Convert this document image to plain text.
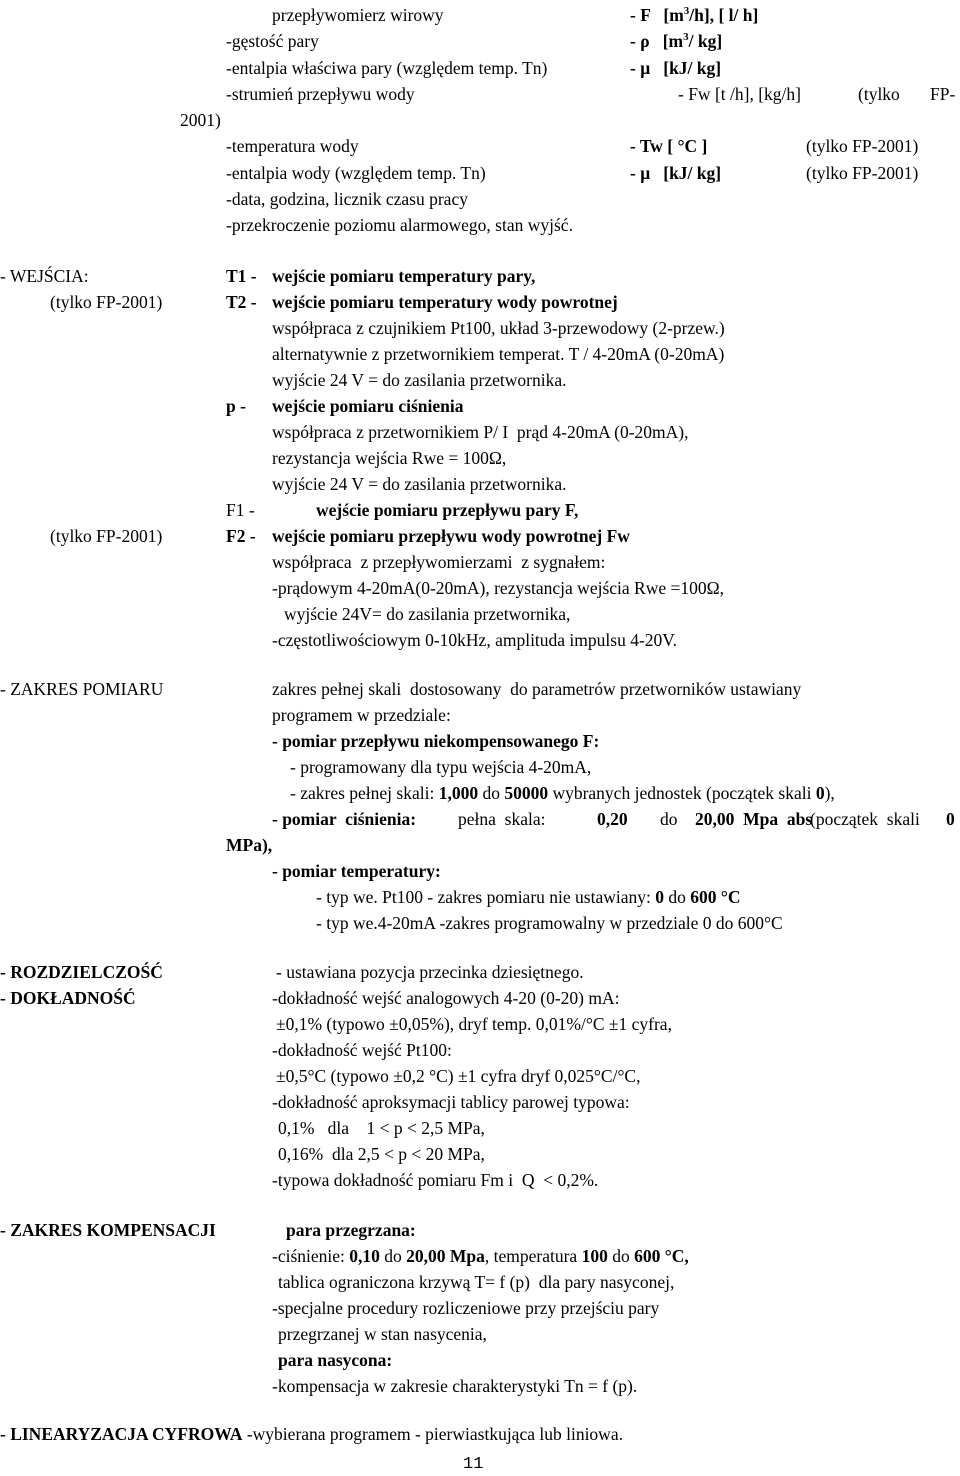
przepływomierz wirowy	- F   $[m^3/h]$, [ l/ h]
-gęstość pary	- ρ   [$m^3/$ kg]
-entalpia właściwa pary (względem temp. Tn)	- μ   [kJ/ kg]
-strumień przepływu wody	- Fw [t /h], [kg/h]	(tylko FP-
2001)
-temperatura wody	- Tw [ °C ]	(tylko FP-2001)
-entalpia wody (względem temp. Tn)	- μ   [kJ/ kg]	(tylko FP-2001)
-data, godzina, licznik czasu pracy
-przekroczenie poziomu alarmowego, stan wyjść.
- WEJŚCIA:
(tylko FP-2001)
T1 - wejście pomiaru temperatury pary,
T2 - wejście pomiaru temperatury wody powrotnej
współpraca z czujnikiem Pt100, układ 3-przewodowy (2-przew.)
alternatywnie z przetwornikiem temperat. T / 4-20mA (0-20mA)
wyjście 24 V = do zasilania przetwornika.
p - wejście pomiaru ciśnienia
współpraca z przetwornikiem P/ I  prąd 4-20mA (0-20mA),
rezystancja wejścia Rwe = 100Ω,
wyjście 24 V = do zasilania przetwornika.
F1 -	wejście pomiaru przepływu pary F,
(tylko FP-2001)	F2 - wejście pomiaru przepływu wody powrotnej Fw
współpraca  z przepływomierzami  z sygnałem:
-prądowym 4-20mA(0-20mA), rezystancja wejścia Rwe =100Ω,
wyjście 24V= do zasilania przetwornika,
-częstotliwościowym 0-10kHz, amplituda impulsu 4-20V.
- ZAKRES POMIARU	zakres pełnej skali  dostosowany  do parametrów przetworników ustawiany
programem w przedziale:
- pomiar przepływu niekompensowanego F:
- programowany dla typu wejścia 4-20mA,
- zakres pełnej skali: 1,000 do 50000 wybranych jednostek (początek skali 0),
- pomiar  ciśnienia: pełna  skala:	0,20 do 20,00  Mpa  abs
(początek  skali 0
MPa),
- pomiar temperatury:
- typ we. Pt100 - zakres pomiaru nie ustawiany: 0 do 600 °C
- typ we.4-20mA -zakres programowalny w przedziale 0 do 600°C
- ROZDZIELCZOŚĆ	- ustawiana pozycja przecinka dziesiętnego.
- DOKŁADNOŚĆ	-dokładność wejść analogowych 4-20 (0-20) mA:
±0,1% (typowo ±0,05%), dryf temp. 0,01%/°C ±1 cyfra,
-dokładność wejść Pt100:
±0,5°C (typowo ±0,2 °C) ±1 cyfra dryf 0,025°C/°C,
-dokładność aproksymacji tablicy parowej typowa:
0,1%   dla    1 < p < 2,5 MPa,
0,16%  dla 2,5 < p < 20 MPa,
-typowa dokładność pomiaru Fm i  Q  < 0,2%.
- ZAKRES KOMPENSACJI	para przegrzana:
-ciśnienie: 0,10 do 20,00 Mpa, temperatura 100 do 600 °C,
tablica ograniczona krzywą T= f (p)  dla pary nasyconej,
-specjalne procedury rozliczeniowe przy przejściu pary
przegrzanej w stan nasycenia,
para nasycona:
-kompensacja w zakresie charakterystyki Tn = f (p).
- LINEARYZACJA CYFROWA -wybierana programem - pierwiastkująca lub liniowa.
11
